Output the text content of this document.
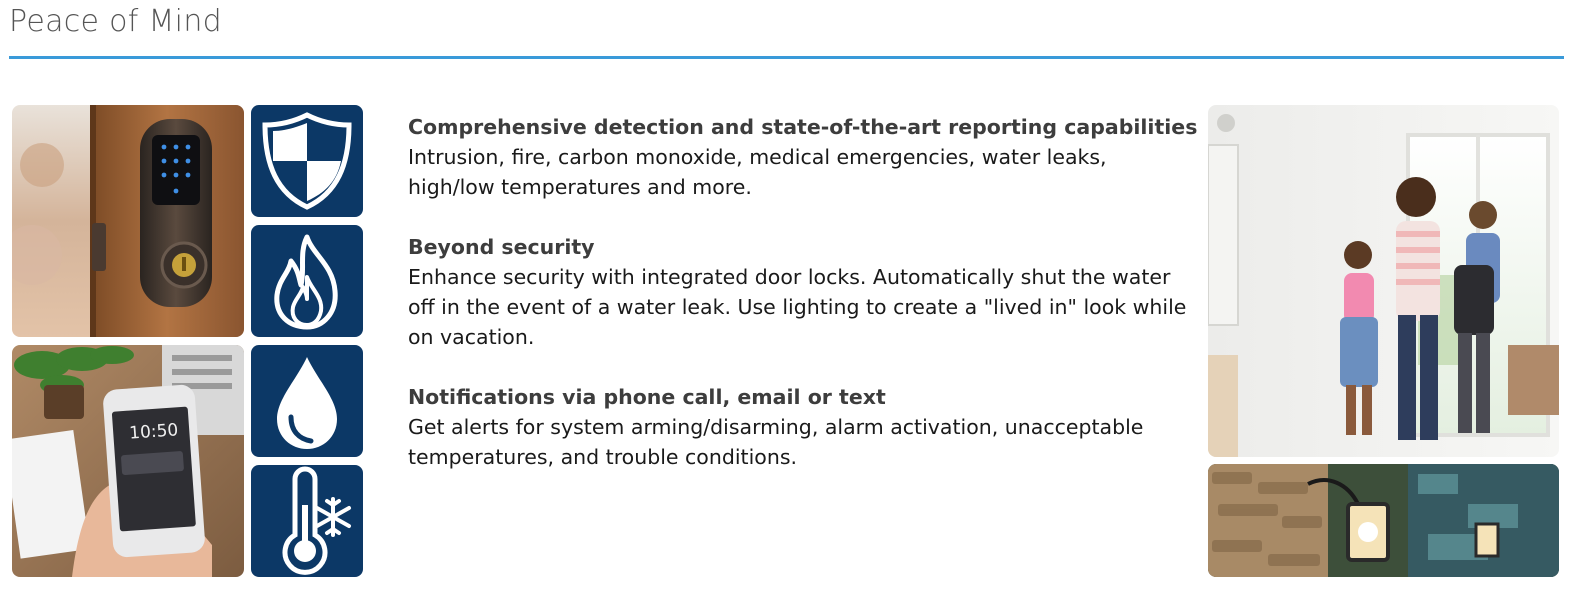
Peace of Mind
10:50
Comprehensive detection and state-of-the-art reporting capabilities
Intrusion, fire, carbon monoxide, medical emergencies, water leaks, high/low temperatures and more.
Beyond security
Enhance security with integrated door locks. Automatically shut the water off in the event of a water leak. Use lighting to create a "lived in" look while on vacation.
Notifications via phone call, email or text
Get alerts for system arming/disarming, alarm activation, unacceptable temperatures, and trouble conditions.
